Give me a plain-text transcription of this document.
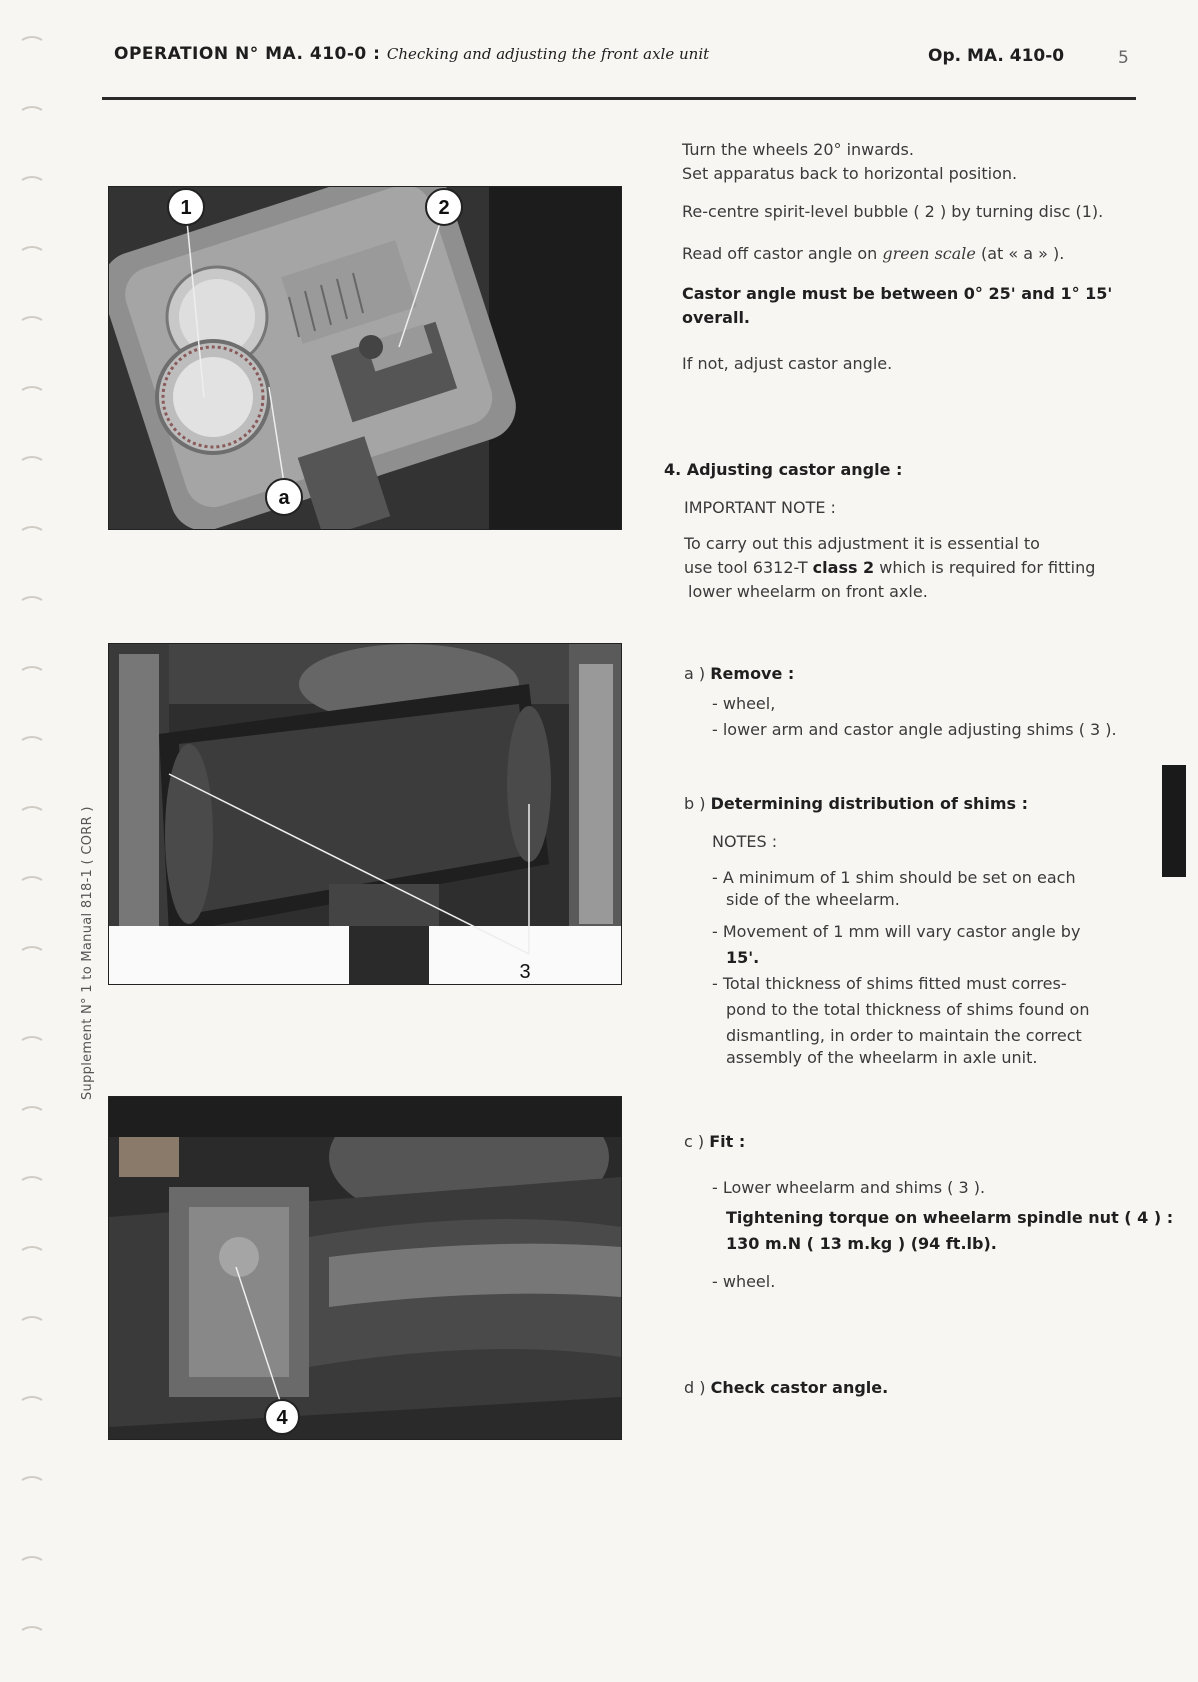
OPERATION N° MA. 410-0 : Checking and adjusting the front axle unit	Op. MA. 410-0	5
Supplement N° 1 to Manual 818-1 ( CORR )
1	2
a
3
4
Turn the wheels 20° inwards.
Set apparatus back to horizontal position.
Re-centre spirit-level bubble ( 2 ) by turning disc (1).
Read off castor angle on green scale (at « a » ).
Castor angle must be between 0° 25' and 1° 15'
overall.
If not, adjust castor angle.
4. Adjusting castor angle :
IMPORTANT NOTE :
To carry out this adjustment it is essential to
use tool 6312-T class 2 which is required for fitting
lower wheelarm on front axle.
a ) Remove :
- wheel,
- lower arm and castor angle adjusting shims ( 3 ).
b ) Determining distribution of shims :
NOTES :
- A minimum of 1 shim should be set on each
side of the wheelarm.
- Movement of 1 mm will vary castor angle by
15'.
- Total thickness of shims fitted must corres-
pond to the total thickness of shims found on
dismantling, in order to maintain the correct
assembly of the wheelarm in axle unit.
c ) Fit :
- Lower wheelarm and shims ( 3 ).
Tightening torque on wheelarm spindle nut ( 4 ) :
130 m.N ( 13 m.kg ) (94 ft.lb).
- wheel.
d ) Check castor angle.
